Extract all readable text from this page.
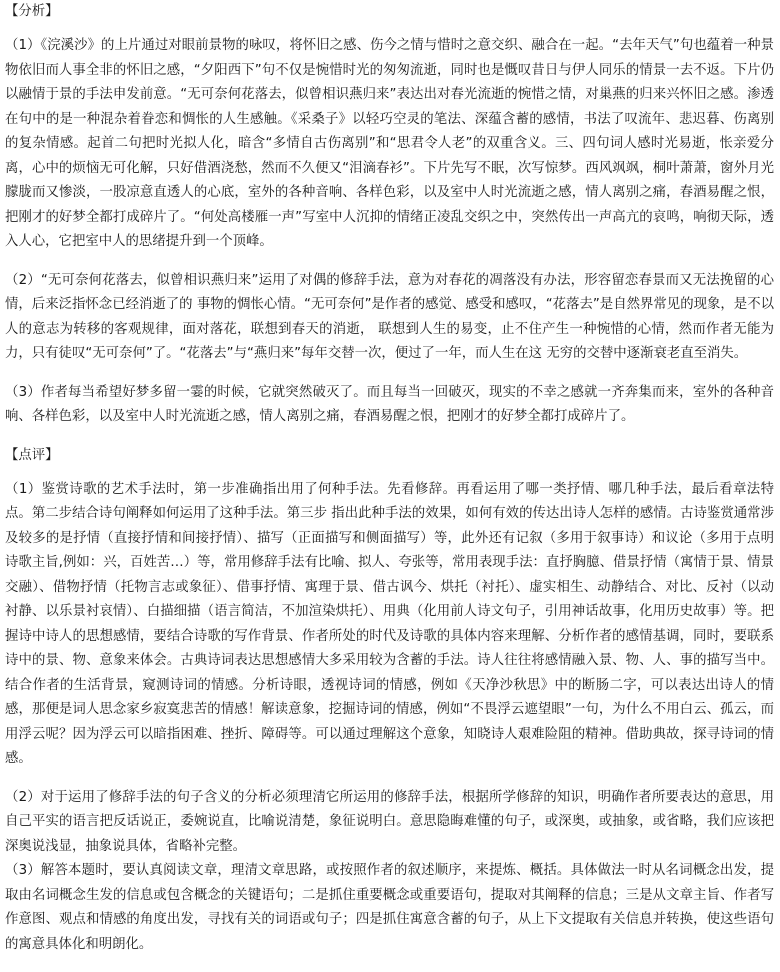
【分析】

（1）《浣溪沙》的上片通过对眼前景物的咏叹，将怀旧之感、伤今之情与惜时之意交织、融合在一起。“去年天气”句也蕴着一种景物依旧而人事全非的怀旧之感，“夕阳西下”句不仅是惋惜时光的匆匆流逝，同时也是慨叹昔日与伊人同乐的情景一去不返。下片仍以融情于景的手法申发前意。“无可奈何花落去，似曾相识燕归来”表达出对春光流逝的惋惜之情，对巢燕的归来兴怀旧之感。渗透在句中的是一种混杂着眷恋和惆怅的人生感触。《采桑子》以轻巧空灵的笔法、深蕴含蓄的感情，书法了叹流年、悲迟暮、伤离别的复杂情感。起首二句把时光拟人化，暗含“多情自古伤离别”和“思君令人老”的双重含义。三、四句词人感时光易逝，怅亲爱分离，心中的烦恼无可化解，只好借酒浇愁，然而不久便又“泪滴春衫”。下片先写不眠，次写惊梦。西风飒飒，桐叶萧萧，窗外月光朦胧而又惨淡，一股凉意直透人的心底，室外的各种音响、各样色彩，以及室中人时光流逝之感，情人离别之痛，春酒易醒之恨，把刚才的好梦全都打成碎片了。“何处高楼雁一声”写室中人沉抑的情绪正凌乱交织之中，突然传出一声高亢的哀鸣，响彻天际，透入人心，它把室中人的思绪提升到一个顶峰。

（2）“无可奈何花落去，似曾相识燕归来”运用了对偶的修辞手法，意为对春花的凋落没有办法，形容留恋春景而又无法挽留的心情，后来泛指怀念已经消逝了的 事物的惆怅心情。“无可奈何”是作者的感觉、感受和感叹，“花落去”是自然界常见的现象，是不以人的意志为转移的客观规律，面对落花，联想到春天的消逝， 联想到人生的易变，止不住产生一种惋惜的心情，然而作者无能为力，只有徒叹“无可奈何”了。“花落去”与“燕归来”每年交替一次，便过了一年，而人生在这 无穷的交替中逐渐衰老直至消失。

（3）作者每当希望好梦多留一霎的时候，它就突然破灭了。而且每当一回破灭，现实的不幸之感就一齐奔集而来，室外的各种音响、各样色彩，以及室中人时光流逝之感，情人离别之痛，春酒易醒之恨，把刚才的好梦全都打成碎片了。

【点评】

（1）鉴赏诗歌的艺术手法时，第一步准确指出用了何种手法。先看修辞。再看运用了哪一类抒情、哪几种手法，最后看章法特点。第二步结合诗句阐释如何运用了这种手法。第三步 指出此种手法的效果，如何有效的传达出诗人怎样的感情。古诗鉴赏通常涉及较多的是抒情（直接抒情和间接抒情）、描写（正面描写和侧面描写）等，此外还有记叙（多用于叙事诗）和议论（多用于点明诗歌主旨,例如：兴，百姓苦…）等，常用修辞手法有比喻、拟人、夸张等，常用表现手法：直抒胸臆、借景抒情（寓情于景、情景交融）、借物抒情（托物言志或象征）、借事抒情、寓理于景、借古讽今、烘托（衬托）、虚实相生、动静结合、对比、反衬（以动衬静、以乐景衬哀情）、白描细描（语言简洁，不加渲染烘托）、用典（化用前人诗文句子，引用神话故事，化用历史故事）等。把握诗中诗人的思想感情，要结合诗歌的写作背景、作者所处的时代及诗歌的具体内容来理解、分析作者的感情基调，同时，要联系诗中的景、物、意象来体会。古典诗词表达思想感情大多采用较为含蓄的手法。诗人往往将感情融入景、物、人、事的描写当中。结合作者的生活背景，窥测诗词的情感。分析诗眼，透视诗词的情感，例如《天净沙秋思》中的断肠二字，可以表达出诗人的情感，那便是词人思念家乡寂寞悲苦的情感！解读意象，挖掘诗词的情感，例如“不畏浮云遮望眼”一句，为什么不用白云、孤云，而用浮云呢？因为浮云可以暗指困难、挫折、障碍等。可以通过理解这个意象，知晓诗人艰难险阻的精神。借助典故，探寻诗词的情感。

（2）对于运用了修辞手法的句子含义的分析必须理清它所运用的修辞手法，根据所学修辞的知识，明确作者所要表达的意思，用自己平实的语言把反话说正，委婉说直，比喻说清楚，象征说明白。意思隐晦难懂的句子，或深奥，或抽象，或省略，我们应该把深奥说浅显，抽象说具体，省略补完整。

（3）解答本题时，要认真阅读文章，理清文章思路，或按照作者的叙述顺序，来提炼、概括。具体做法一时从名词概念出发，提取由名词概念生发的信息或包含概念的关键语句；二是抓住重要概念或重要语句，提取对其阐释的信息；三是从文章主旨、作者写作意图、观点和情感的角度出发，寻找有关的词语或句子；四是抓住寓意含蓄的句子，从上下文提取有关信息并转换，使这些语句的寓意具体化和明朗化。
